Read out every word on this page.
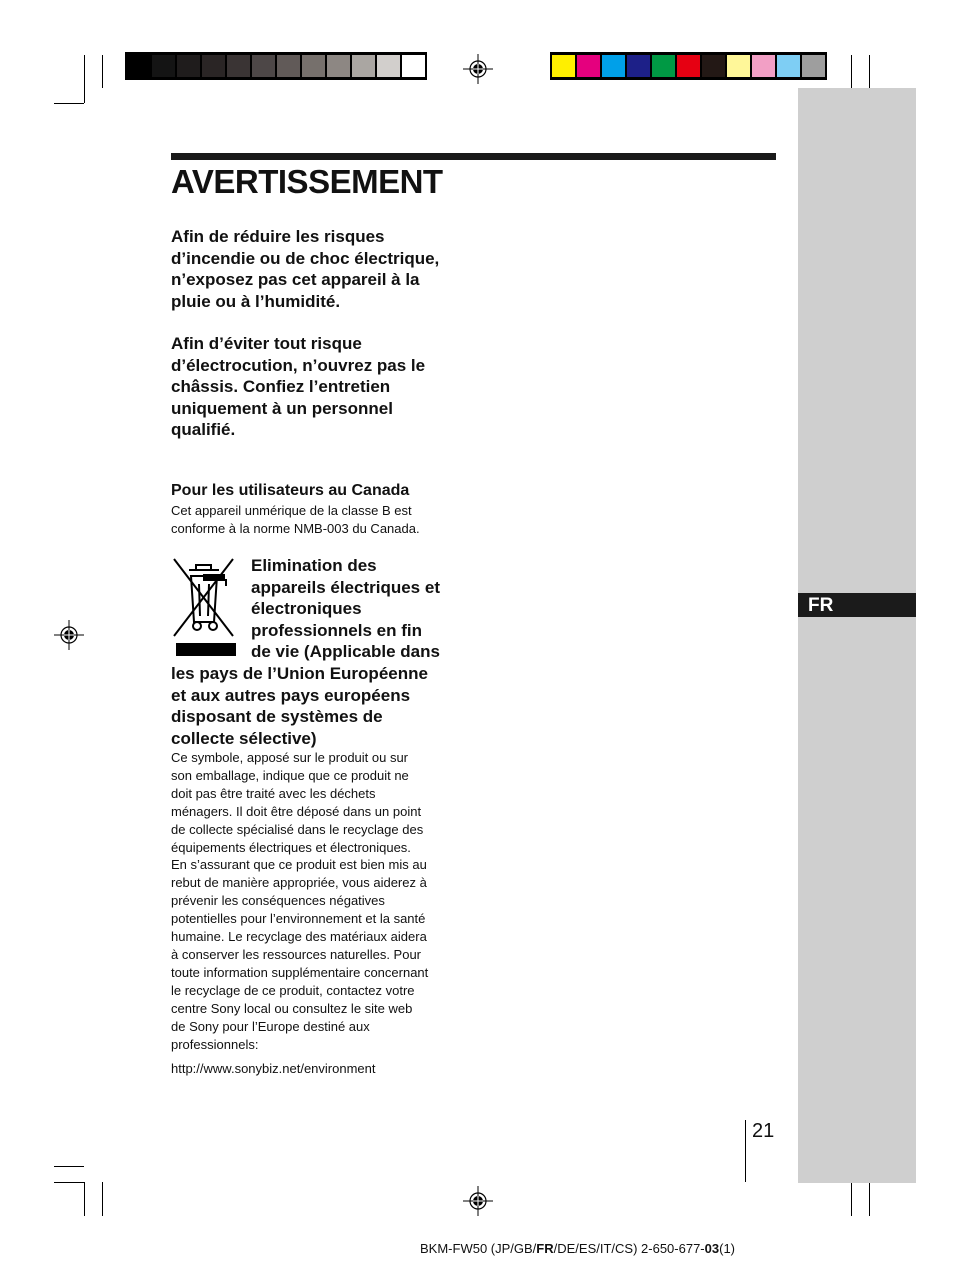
FR
AVERTISSEMENT
Afin de réduire les risques
d’incendie ou de choc électrique,
n’exposez pas cet appareil à la
pluie ou à l’humidité.
Afin d’éviter tout risque
d’électrocution, n’ouvrez pas le
châssis. Confiez l’entretien
uniquement à un personnel
qualifié.
Pour les utilisateurs au Canada
Cet appareil unmérique de la classe B est
conforme à la norme NMB-003 du Canada.
Elimination des
appareils électriques et
électroniques
professionnels en fin
de vie (Applicable dans
les pays de l’Union Européenne
et aux autres pays européens
disposant de systèmes de
collecte sélective)
Ce symbole, apposé sur le produit ou sur
son emballage, indique que ce produit ne
doit pas être traité avec les déchets
ménagers. Il doit être déposé dans un point
de collecte spécialisé dans le recyclage des
équipements électriques et électroniques.
En s’assurant que ce produit est bien mis au
rebut de manière appropriée, vous aiderez à
prévenir les conséquences négatives
potentielles pour l’environnement et la santé
humaine. Le recyclage des matériaux aidera
à conserver les ressources naturelles. Pour
toute information supplémentaire concernant
le recyclage de ce produit, contactez votre
centre Sony local ou consultez le site web
de Sony pour l’Europe destiné aux
professionnels:
http://www.sonybiz.net/environment
21
BKM-FW50 (JP/GB/FR/DE/ES/IT/CS) 2-650-677-03(1)
